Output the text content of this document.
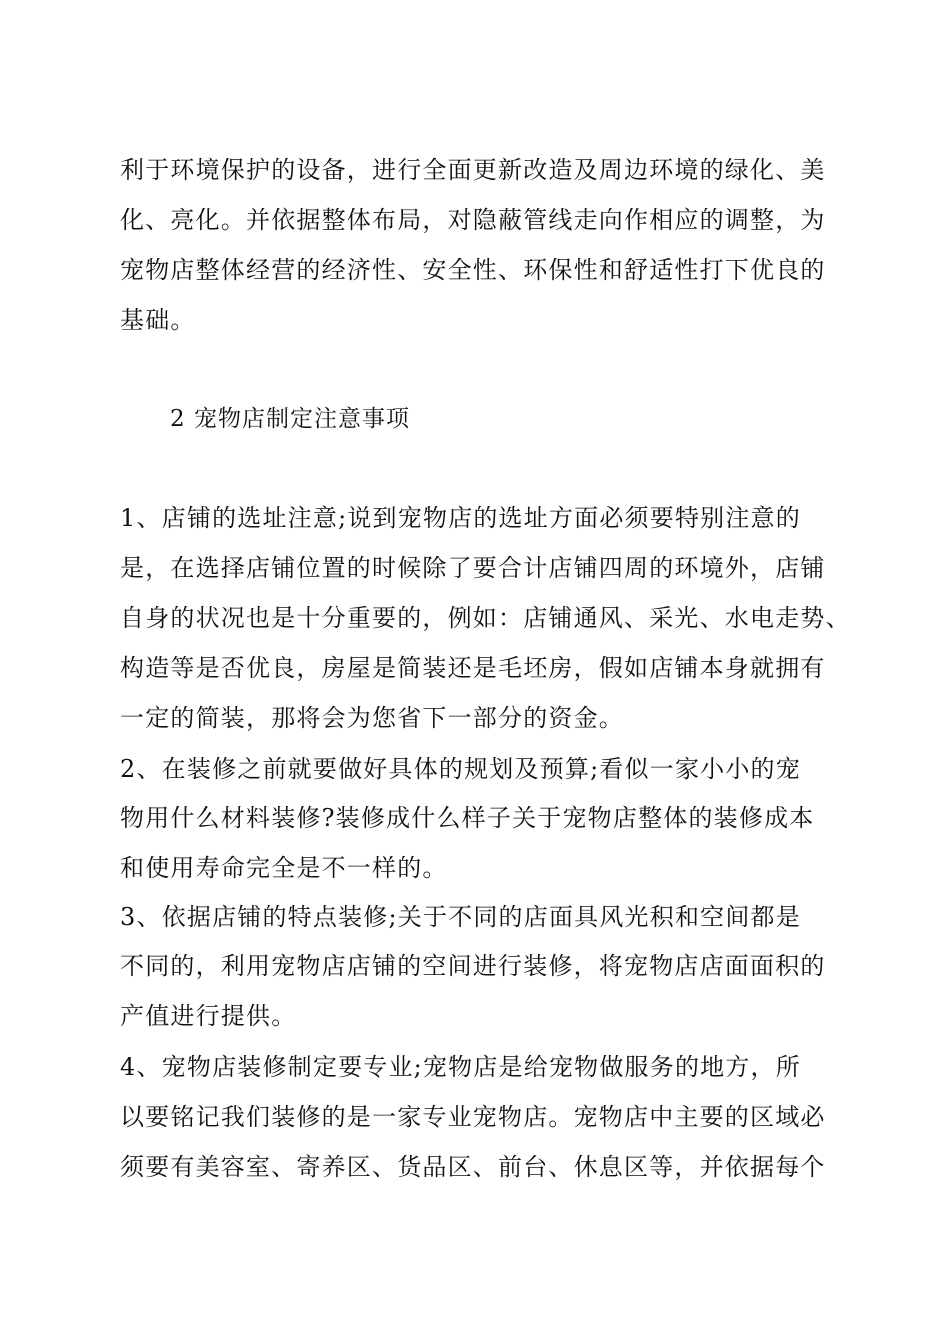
利于环境保护的设备，进行全面更新改造及周边环境的绿化、美
化、亮化。并依据整体布局，对隐蔽管线走向作相应的调整，为
宠物店整体经营的经济性、安全性、环保性和舒适性打下优良的
基础。
2 宠物店制定注意事项
1、店铺的选址注意;说到宠物店的选址方面必须要特别注意的
是，在选择店铺位置的时候除了要合计店铺四周的环境外，店铺
自身的状况也是十分重要的，例如：店铺通风、采光、水电走势、
构造等是否优良，房屋是简装还是毛坯房，假如店铺本身就拥有
一定的简装，那将会为您省下一部分的资金。
2、在装修之前就要做好具体的规划及预算;看似一家小小的宠
物用什么材料装修?装修成什么样子关于宠物店整体的装修成本
和使用寿命完全是不一样的。
3、依据店铺的特点装修;关于不同的店面具风光积和空间都是
不同的，利用宠物店店铺的空间进行装修，将宠物店店面面积的
产值进行提供。
4、宠物店装修制定要专业;宠物店是给宠物做服务的地方，所
以要铭记我们装修的是一家专业宠物店。宠物店中主要的区域必
须要有美容室、寄养区、货品区、前台、休息区等，并依据每个
